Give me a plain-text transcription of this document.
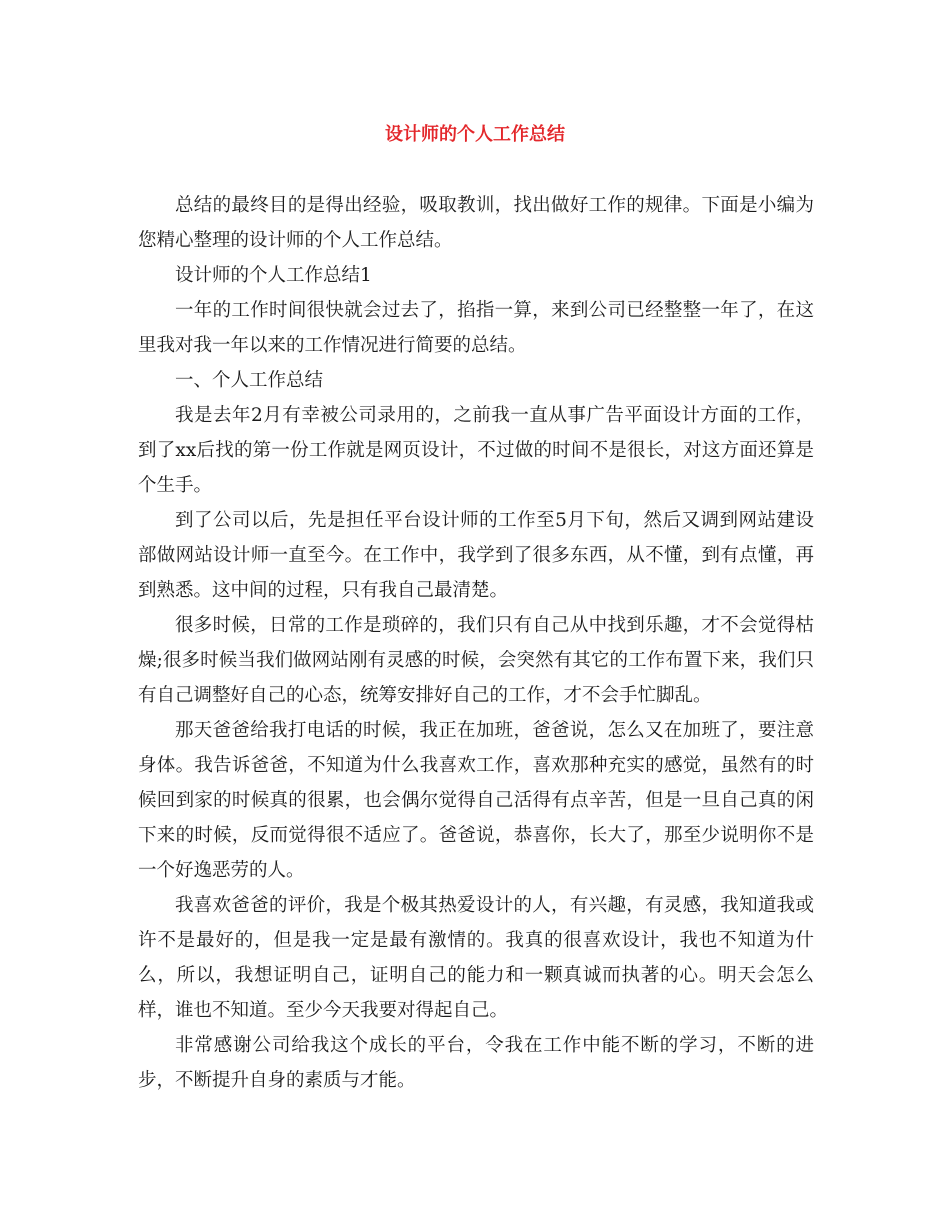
设计师的个人工作总结

总结的最终目的是得出经验，吸取教训，找出做好工作的规律。下面是小编为您精心整理的设计师的个人工作总结。

设计师的个人工作总结1

一年的工作时间很快就会过去了，掐指一算，来到公司已经整整一年了，在这里我对我一年以来的工作情况进行简要的总结。

一、个人工作总结

我是去年2月有幸被公司录用的，之前我一直从事广告平面设计方面的工作，到了xx后找的第一份工作就是网页设计，不过做的时间不是很长，对这方面还算是个生手。

到了公司以后，先是担任平台设计师的工作至5月下旬，然后又调到网站建设部做网站设计师一直至今。在工作中，我学到了很多东西，从不懂，到有点懂，再到熟悉。这中间的过程，只有我自己最清楚。

很多时候，日常的工作是琐碎的，我们只有自己从中找到乐趣，才不会觉得枯燥;很多时候当我们做网站刚有灵感的时候，会突然有其它的工作布置下来，我们只有自己调整好自己的心态，统筹安排好自己的工作，才不会手忙脚乱。

那天爸爸给我打电话的时候，我正在加班，爸爸说，怎么又在加班了，要注意身体。我告诉爸爸，不知道为什么我喜欢工作，喜欢那种充实的感觉，虽然有的时候回到家的时候真的很累，也会偶尔觉得自己活得有点辛苦，但是一旦自己真的闲下来的时候，反而觉得很不适应了。爸爸说，恭喜你，长大了，那至少说明你不是一个好逸恶劳的人。

我喜欢爸爸的评价，我是个极其热爱设计的人，有兴趣，有灵感，我知道我或许不是最好的，但是我一定是最有激情的。我真的很喜欢设计，我也不知道为什么，所以，我想证明自己，证明自己的能力和一颗真诚而执著的心。明天会怎么样，谁也不知道。至少今天我要对得起自己。

非常感谢公司给我这个成长的平台，令我在工作中能不断的学习，不断的进步，不断提升自身的素质与才能。
